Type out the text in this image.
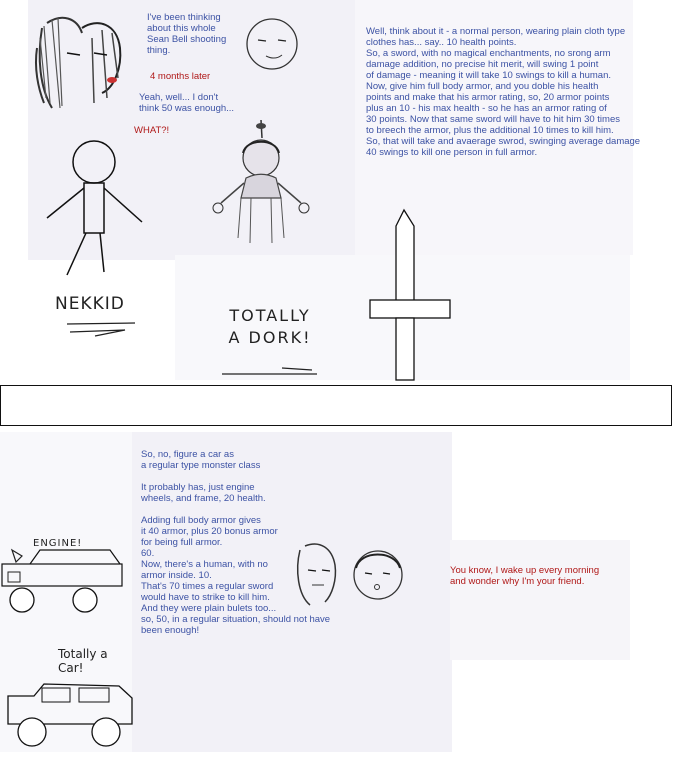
I've been thinking
about this whole
Sean Bell shooting
thing.
4 months later
Yeah, well... I don't
think 50 was enough...
WHAT?!
Well, think about it - a normal person, wearing plain cloth type
clothes has... say.. 10 health points.
So, a sword, with no magical enchantments, no srong arm
damage addition, no precise hit merit, will swing 1 point
of damage - meaning it will take 10 swings to kill a human.
Now, give him full body armor, and you doble his health
points and make that his armor rating, so, 20 armor points
plus an 10 - his max health - so he has an armor rating of
30 points. Now that same sword will have to hit him 30 times
to breech the armor, plus the additional 10 times to kill him.
So, that will take and avaerage swrod, swinging average damage
40 swings to kill one person in full armor.
NEKKID
TOTALLY
A DORK!
ENGINE!
Totally a
Car!
So, no, figure a car as
a regular type monster class

It probably has, just engine
wheels, and frame, 20 health.

Adding full body armor gives
it 40 armor, plus 20 bonus armor
for being full armor.
60.
Now, there's a human, with no
armor inside. 10.
That's 70 times a regular sword
would have to strike to kill him.
And they were plain bulets too...
so, 50, in a regular situation, should not have
been enough!
You know, I wake up every morning
and wonder why I'm your friend.
